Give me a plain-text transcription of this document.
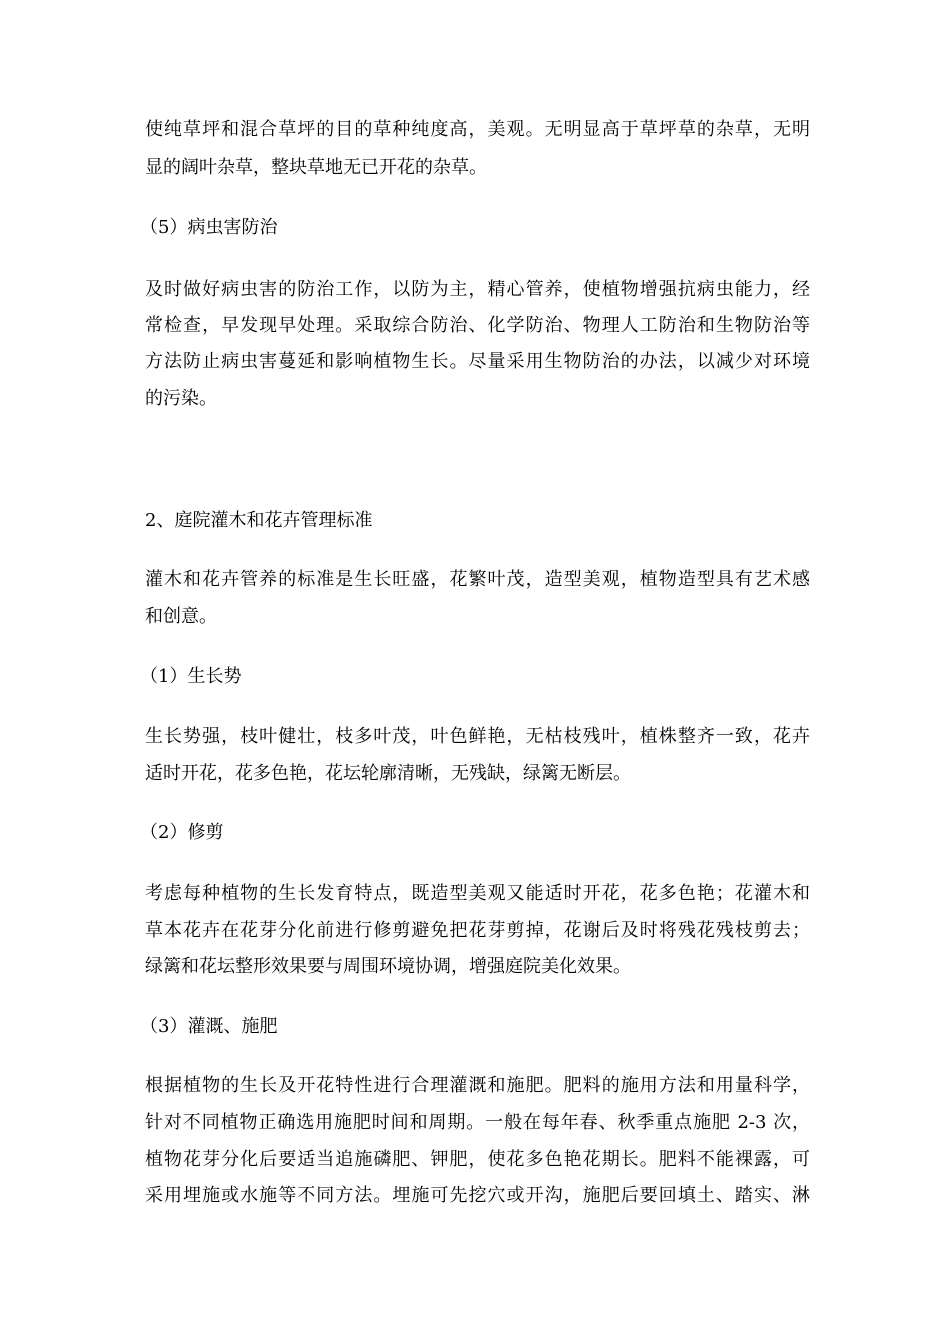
使纯草坪和混合草坪的目的草种纯度高，美观。无明显高于草坪草的杂草，无明
显的阔叶杂草，整块草地无已开花的杂草。
（5）病虫害防治
及时做好病虫害的防治工作，以防为主，精心管养，使植物增强抗病虫能力，经
常检查，早发现早处理。采取综合防治、化学防治、物理人工防治和生物防治等
方法防止病虫害蔓延和影响植物生长。尽量采用生物防治的办法，以减少对环境
的污染。
2、庭院灌木和花卉管理标准
灌木和花卉管养的标准是生长旺盛，花繁叶茂，造型美观，植物造型具有艺术感
和创意。
（1）生长势
生长势强，枝叶健壮，枝多叶茂，叶色鲜艳，无枯枝残叶，植株整齐一致，花卉
适时开花，花多色艳，花坛轮廓清晰，无残缺，绿篱无断层。
（2）修剪
考虑每种植物的生长发育特点，既造型美观又能适时开花，花多色艳；花灌木和
草本花卉在花芽分化前进行修剪避免把花芽剪掉，花谢后及时将残花残枝剪去；
绿篱和花坛整形效果要与周围环境协调，增强庭院美化效果。
（3）灌溉、施肥
根据植物的生长及开花特性进行合理灌溉和施肥。肥料的施用方法和用量科学，
针对不同植物正确选用施肥时间和周期。一般在每年春、秋季重点施肥 2-3 次，
植物花芽分化后要适当追施磷肥、钾肥，使花多色艳花期长。肥料不能裸露，可
采用埋施或水施等不同方法。埋施可先挖穴或开沟，施肥后要回填土、踏实、淋
